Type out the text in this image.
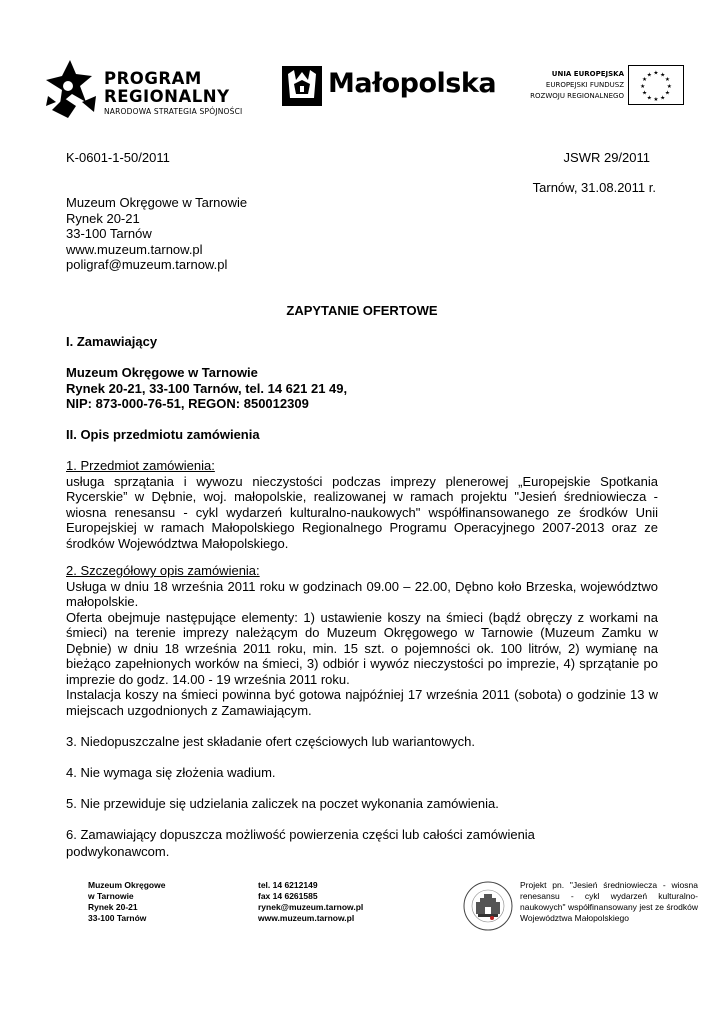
PROGRAM
REGIONALNY
NARODOWA STRATEGIA SPÓJNOŚCI
Małopolska	UNIA EUROPEJSKA
EUROPEJSKI FUNDUSZ
ROZWOJU REGIONALNEGO
★ ★
★
★
★
★
★
★
★
★
★
★
K-0601-1-50/2011	JSWR 29/2011
Tarnów, 31.08.2011 r.
Muzeum Okręgowe w Tarnowie
Rynek 20-21
33-100 Tarnów
www.muzeum.tarnow.pl
poligraf@muzeum.tarnow.pl
ZAPYTANIE OFERTOWE
I. Zamawiający
Muzeum Okręgowe w Tarnowie
Rynek 20-21, 33-100 Tarnów, tel. 14 621 21 49,
NIP: 873-000-76-51, REGON: 850012309
II. Opis przedmiotu zamówienia
1. Przedmiot zamówienia:
usługa sprzątania i wywozu nieczystości podczas imprezy plenerowej „Europejskie Spotkania Rycerskie” w Dębnie, woj. małopolskie, realizowanej w ramach projektu "Jesień średniowiecza - wiosna renesansu - cykl wydarzeń kulturalno-naukowych" współfinansowanego ze środków Unii Europejskiej w ramach Małopolskiego Regionalnego Programu Operacyjnego 2007-2013 oraz ze środków Województwa Małopolskiego.
2. Szczegółowy opis zamówienia:
Usługa w dniu 18 września 2011 roku w godzinach 09.00 – 22.00, Dębno koło Brzeska, województwo małopolskie.
Oferta obejmuje następujące elementy: 1) ustawienie koszy na śmieci (bądź obręczy z workami na śmieci) na terenie imprezy należącym do Muzeum Okręgowego w Tarnowie (Muzeum Zamku w Dębnie) w dniu 18 września 2011 roku, min. 15 szt. o pojemności ok. 100 litrów, 2) wymianę na bieżąco zapełnionych worków na śmieci, 3) odbiór i wywóz nieczystości po imprezie, 4) sprzątanie po imprezie do godz. 14.00 - 19 września 2011 roku.
Instalacja koszy na śmieci powinna być gotowa najpóźniej 17 września 2011 (sobota) o godzinie 13 w miejscach uzgodnionych z Zamawiającym.
3. Niedopuszczalne jest składanie ofert częściowych lub wariantowych.
4. Nie wymaga się złożenia wadium.
5. Nie przewiduje się udzielania zaliczek na poczet wykonania zamówienia.
6. Zamawiający dopuszcza możliwość powierzenia części lub całości zamówienia podwykonawcom.
Muzeum Okręgowe
w Tarnowie
Rynek 20-21
33-100 Tarnów
tel. 14 6212149
fax 14 6261585
rynek@muzeum.tarnow.pl
www.muzeum.tarnow.pl
Projekt pn. "Jesień średniowiecza - wiosna renesansu - cykl wydarzeń kulturalno-naukowych" współfinansowany jest ze środków Województwa Małopolskiego
